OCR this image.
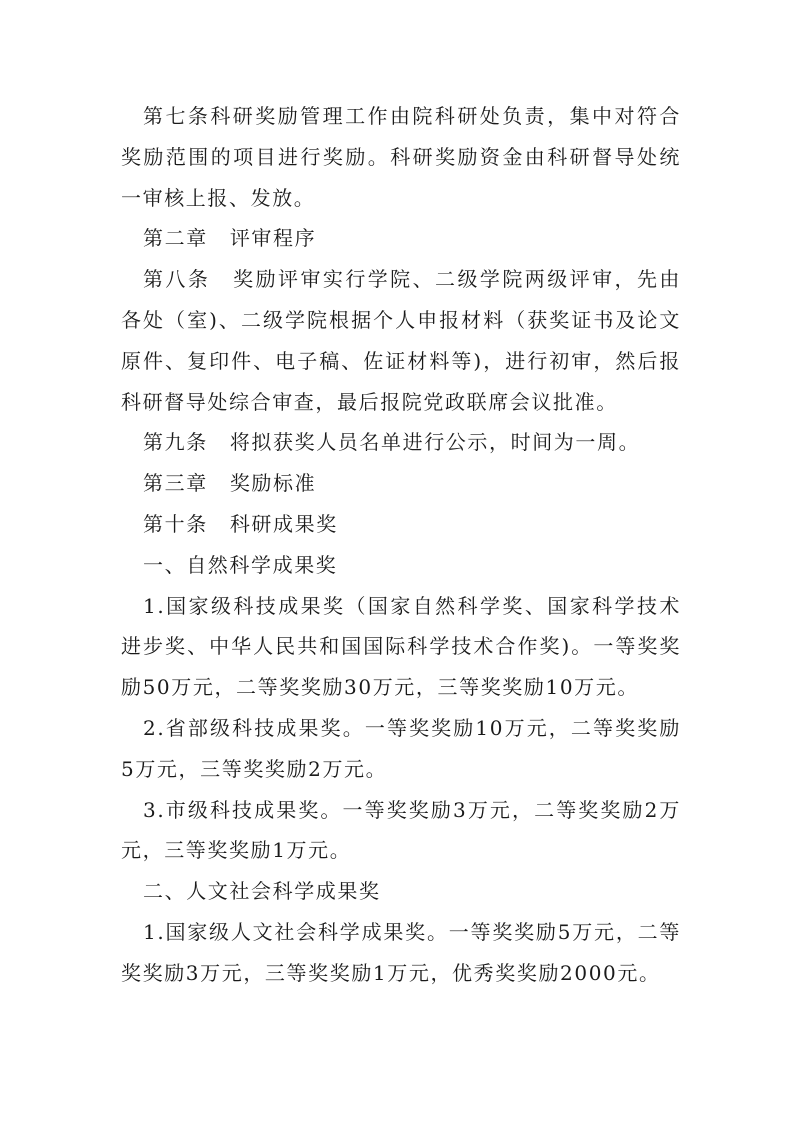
第七条科研奖励管理工作由院科研处负责，集中对符合奖励范围的项目进行奖励。科研奖励资金由科研督导处统一审核上报、发放。

第二章 评审程序

第八条 奖励评审实行学院、二级学院两级评审，先由各处（室)、二级学院根据个人申报材料（获奖证书及论文原件、复印件、电子稿、佐证材料等)，进行初审，然后报科研督导处综合审查，最后报院党政联席会议批准。

第九条 将拟获奖人员名单进行公示，时间为一周。

第三章 奖励标准

第十条 科研成果奖

一、自然科学成果奖

1.国家级科技成果奖（国家自然科学奖、国家科学技术进步奖、中华人民共和国国际科学技术合作奖)。一等奖奖励50万元，二等奖奖励30万元，三等奖奖励10万元。

2.省部级科技成果奖。一等奖奖励10万元，二等奖奖励5万元，三等奖奖励2万元。

3.市级科技成果奖。一等奖奖励3万元，二等奖奖励2万元，三等奖奖励1万元。

二、人文社会科学成果奖

1.国家级人文社会科学成果奖。一等奖奖励5万元，二等奖奖励3万元，三等奖奖励1万元，优秀奖奖励2000元。
